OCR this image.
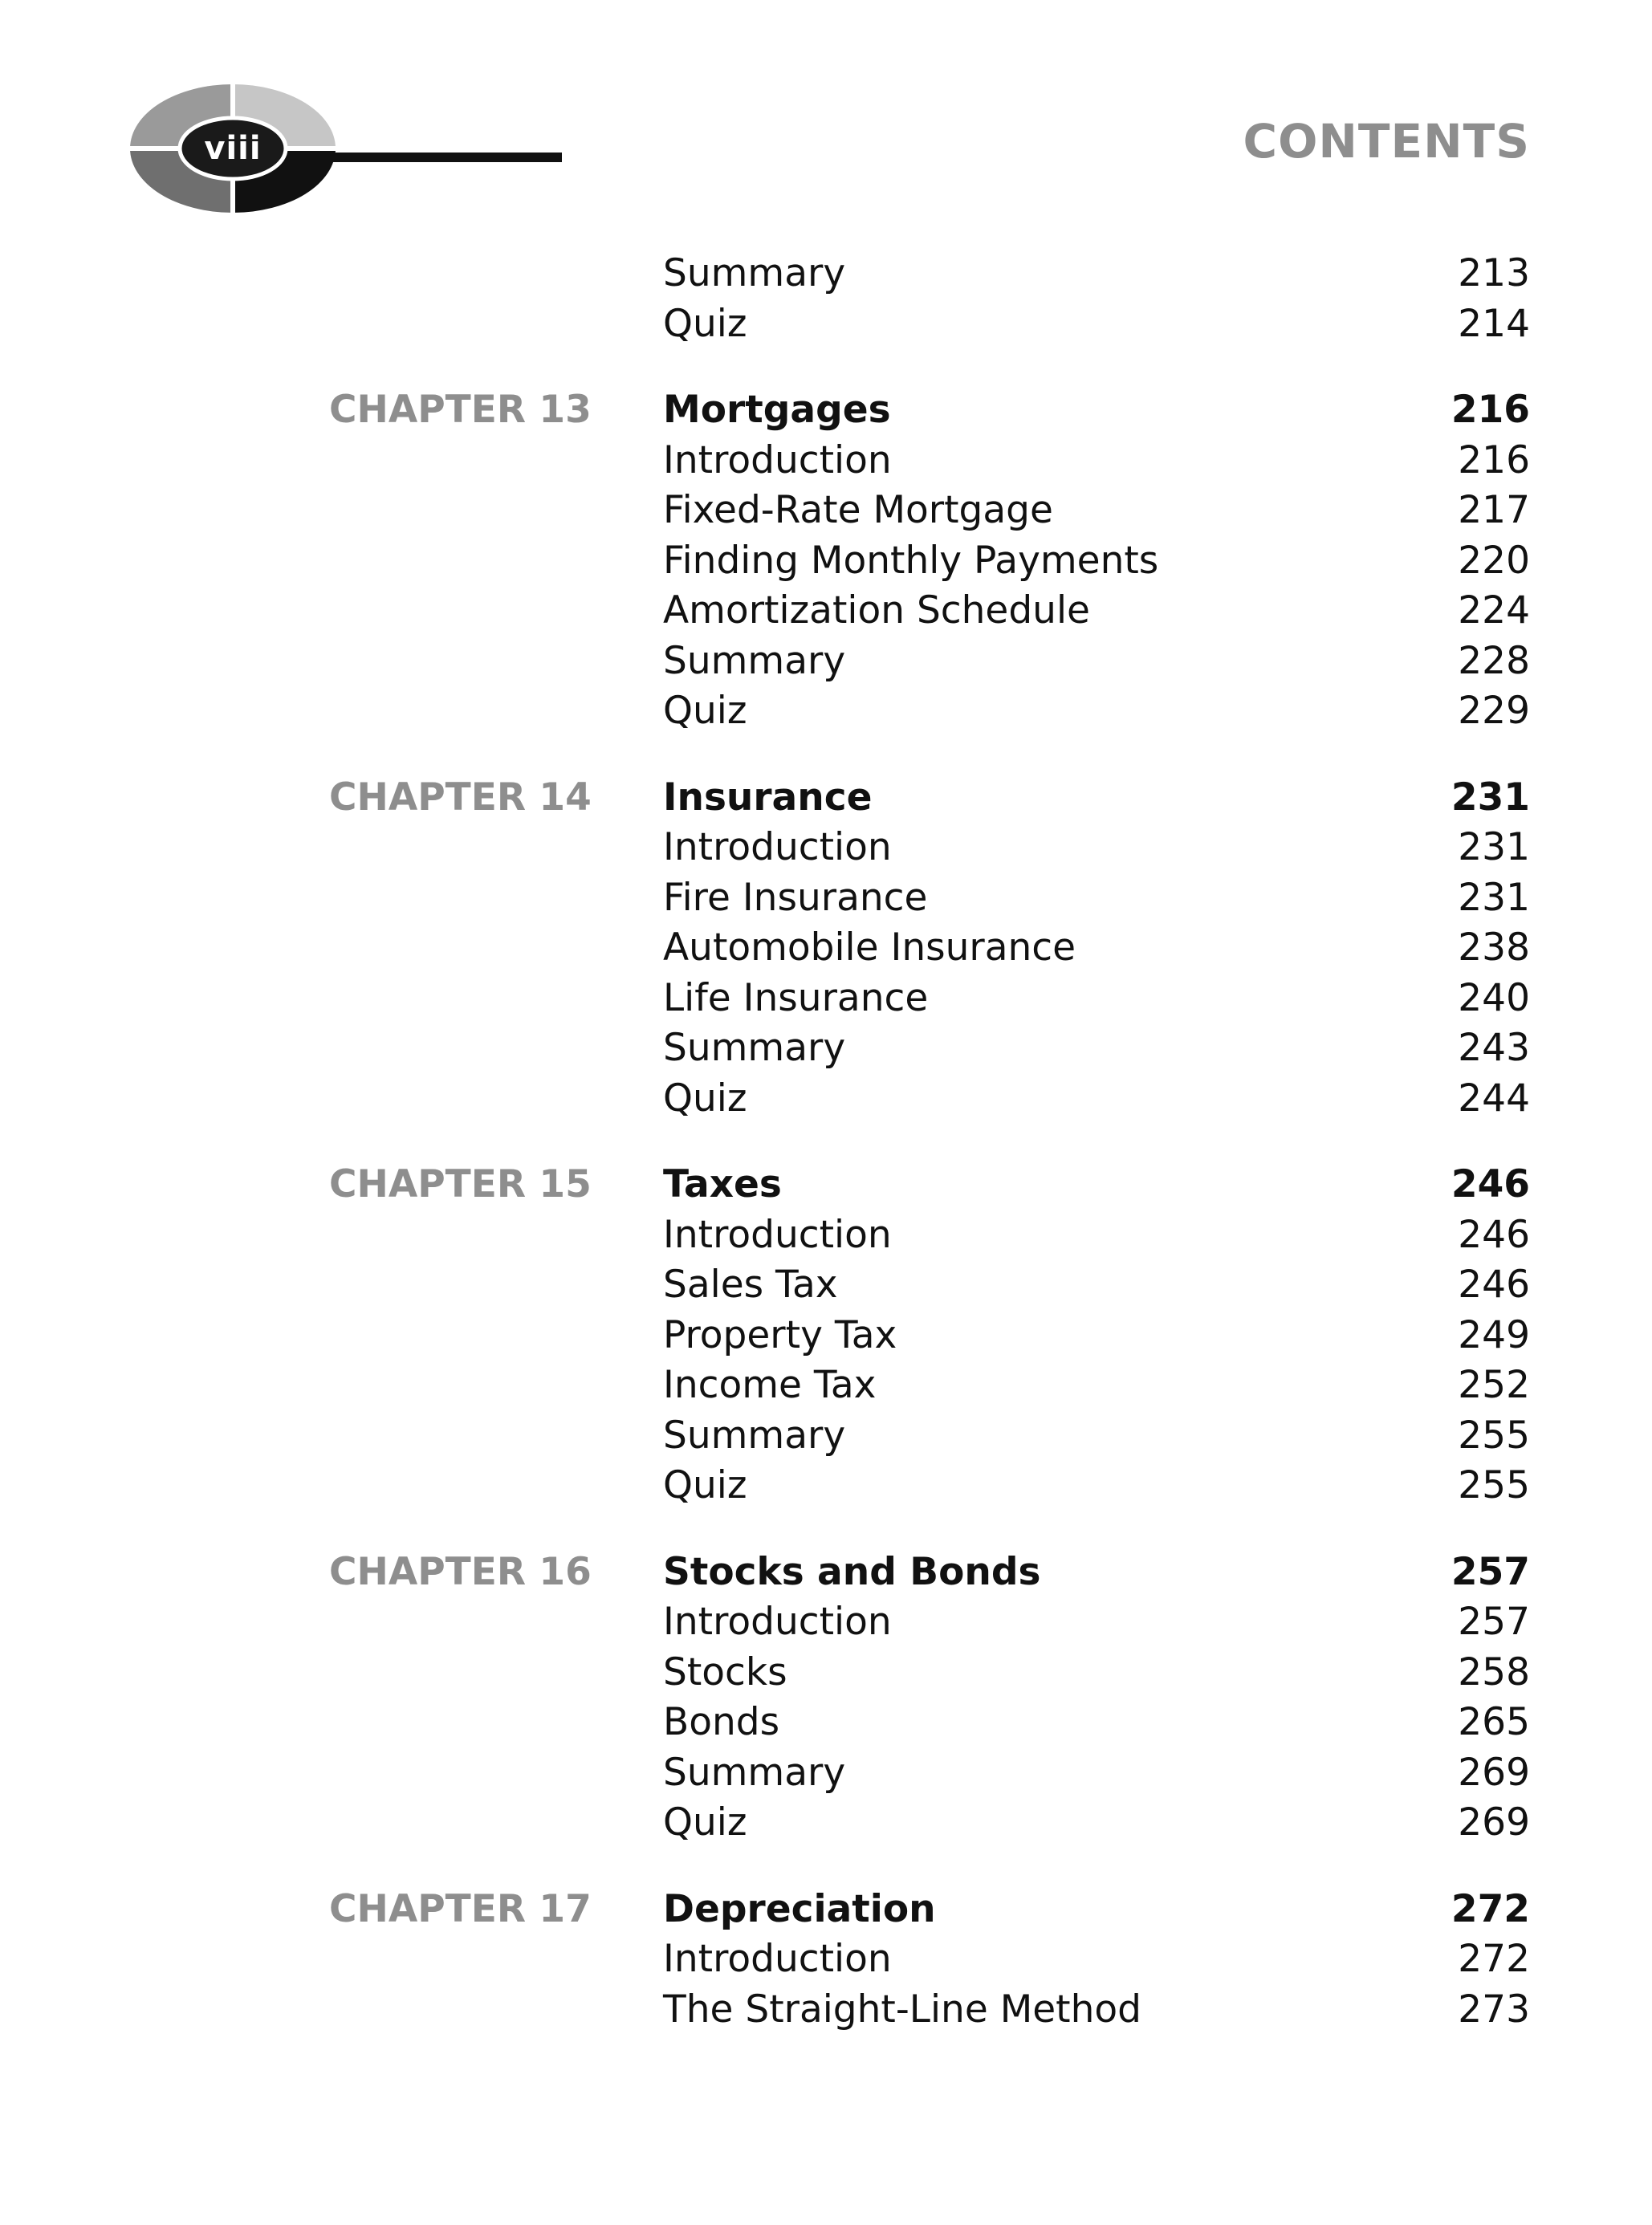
viii	CONTENTS
Summary	213
Quiz	214
CHAPTER 13 Mortgages	216
Introduction	216
Fixed-Rate Mortgage	217
Finding Monthly Payments	220
Amortization Schedule	224
Summary	228
Quiz	229
CHAPTER 14 Insurance	231
Introduction	231
Fire Insurance	231
Automobile Insurance	238
Life Insurance	240
Summary	243
Quiz	244
CHAPTER 15 Taxes	246
Introduction	246
Sales Tax	246
Property Tax	249
Income Tax	252
Summary	255
Quiz	255
CHAPTER 16 Stocks and Bonds	257
Introduction	257
Stocks	258
Bonds	265
Summary	269
Quiz	269
CHAPTER 17 Depreciation	272
Introduction	272
The Straight-Line Method	273
